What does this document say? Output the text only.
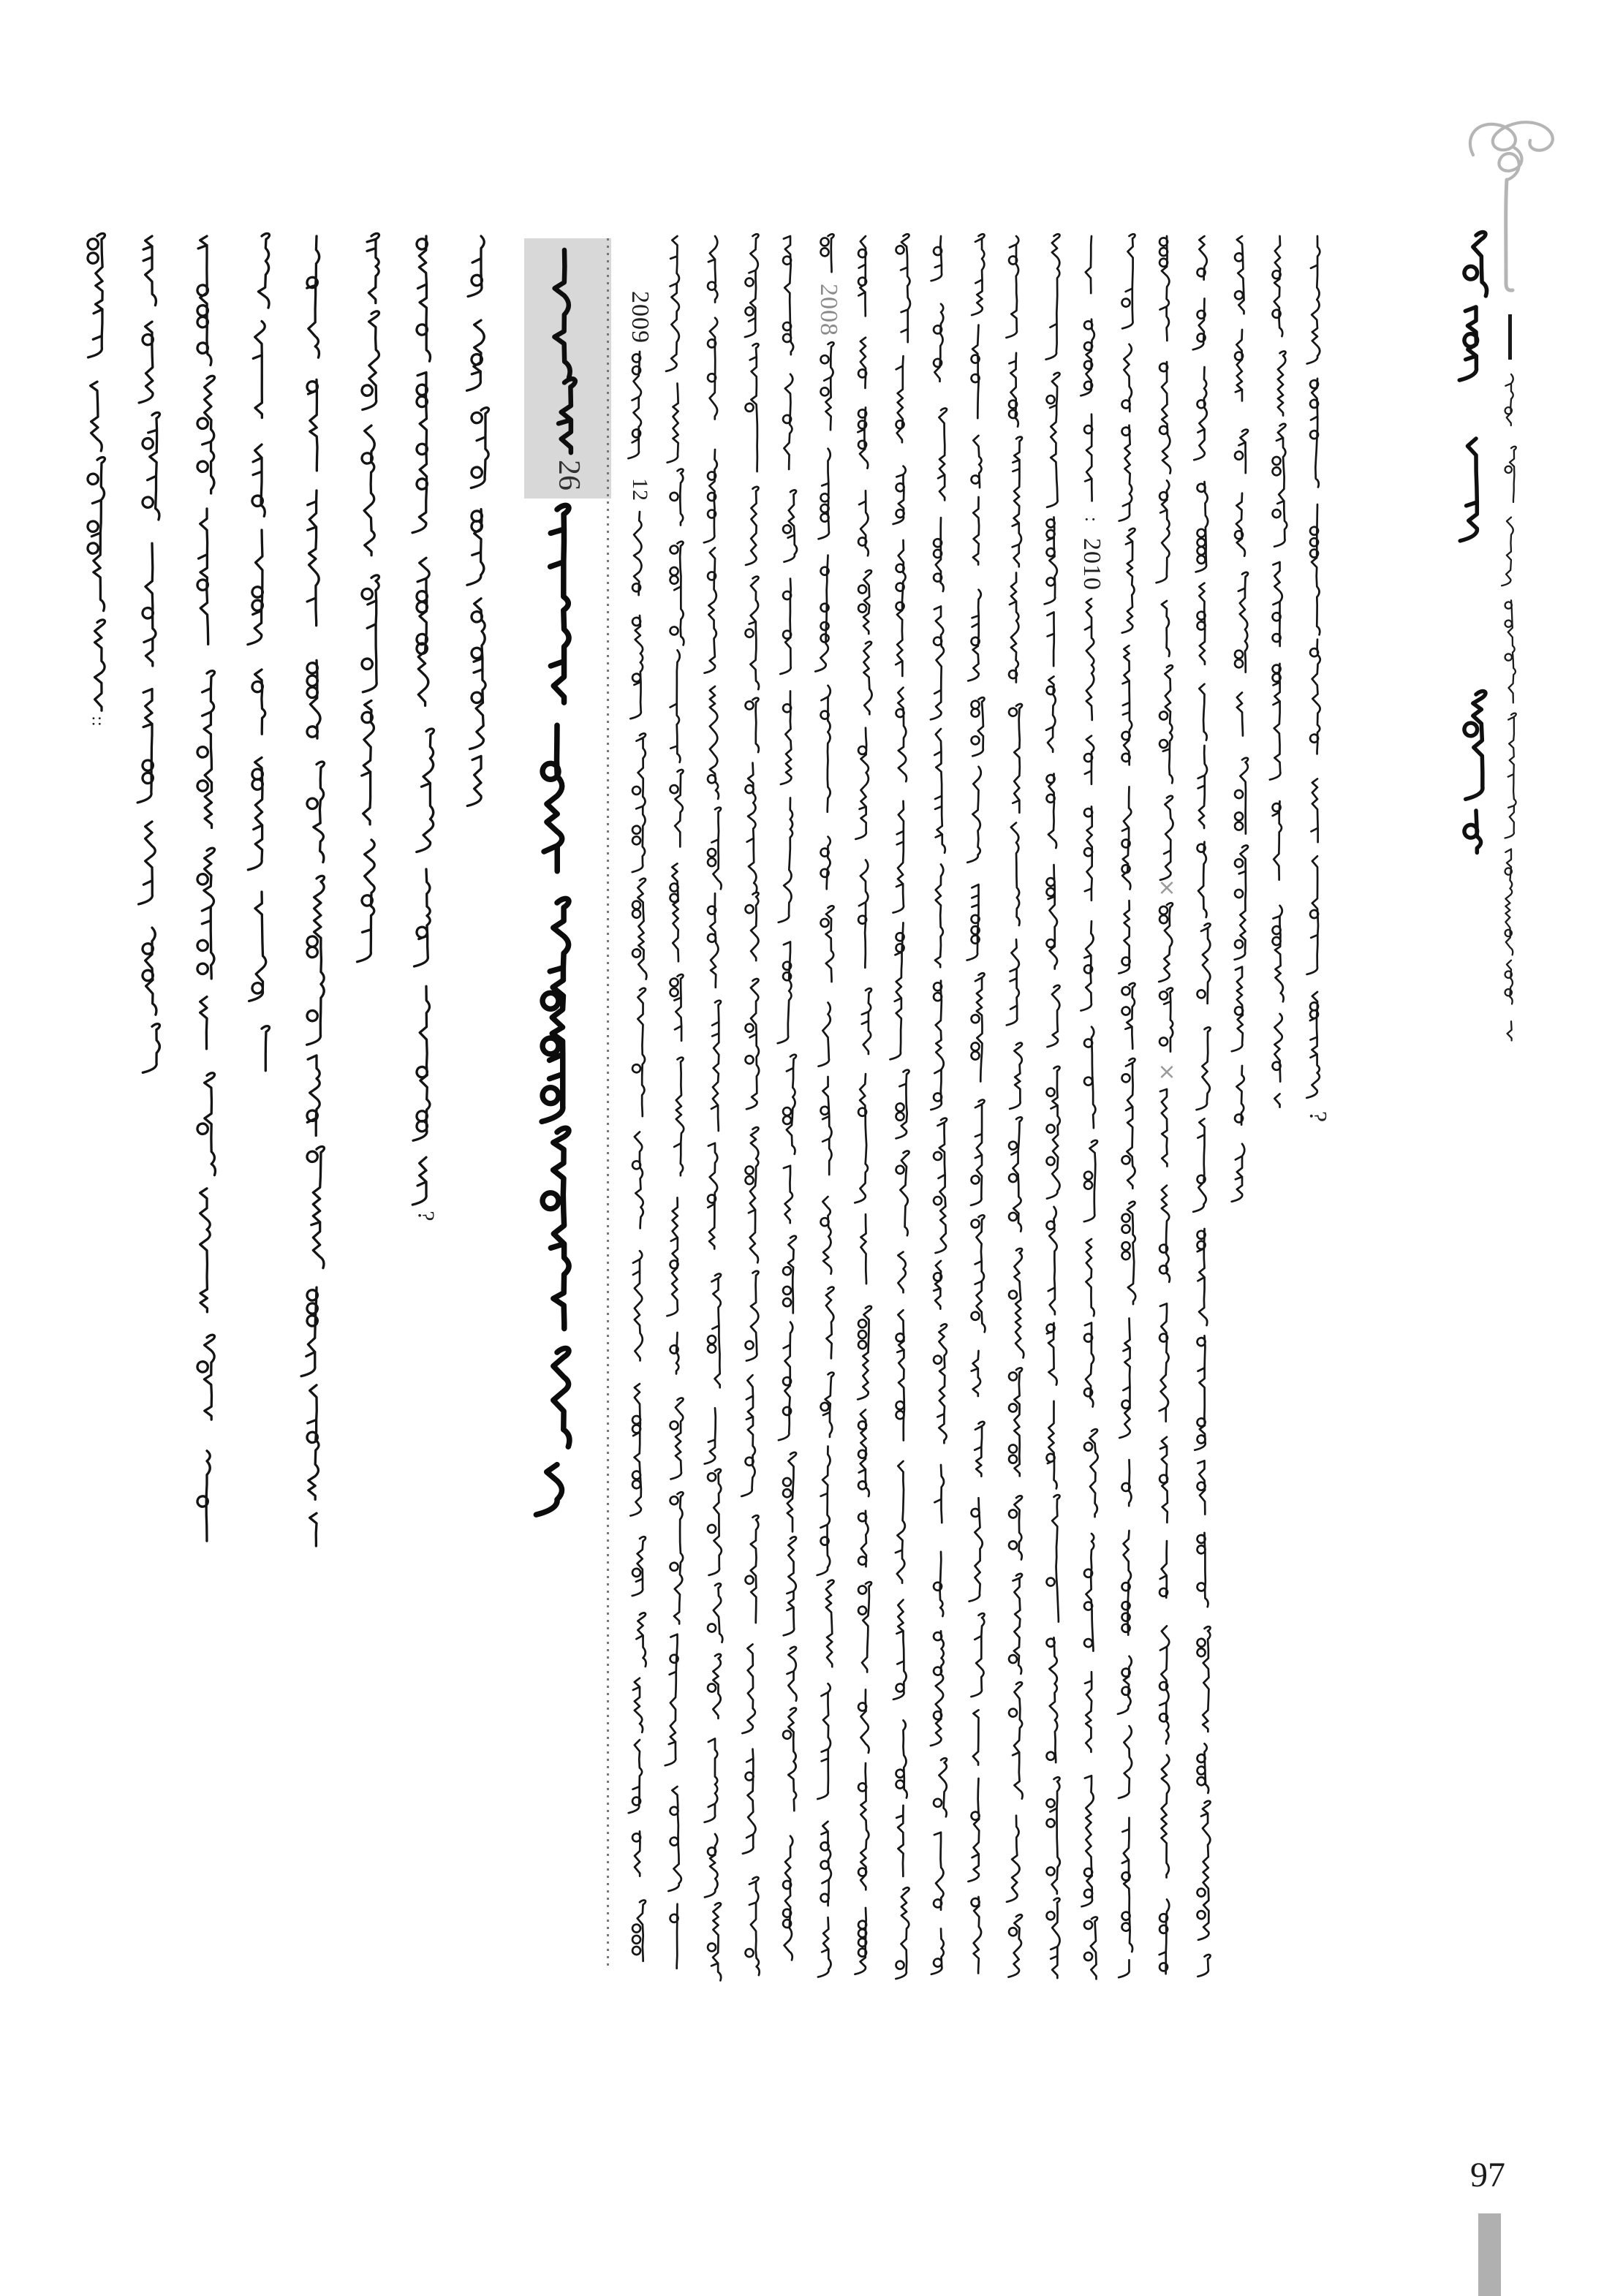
26
2009
12
2008
:
2010
×
×
?
::
?
97
